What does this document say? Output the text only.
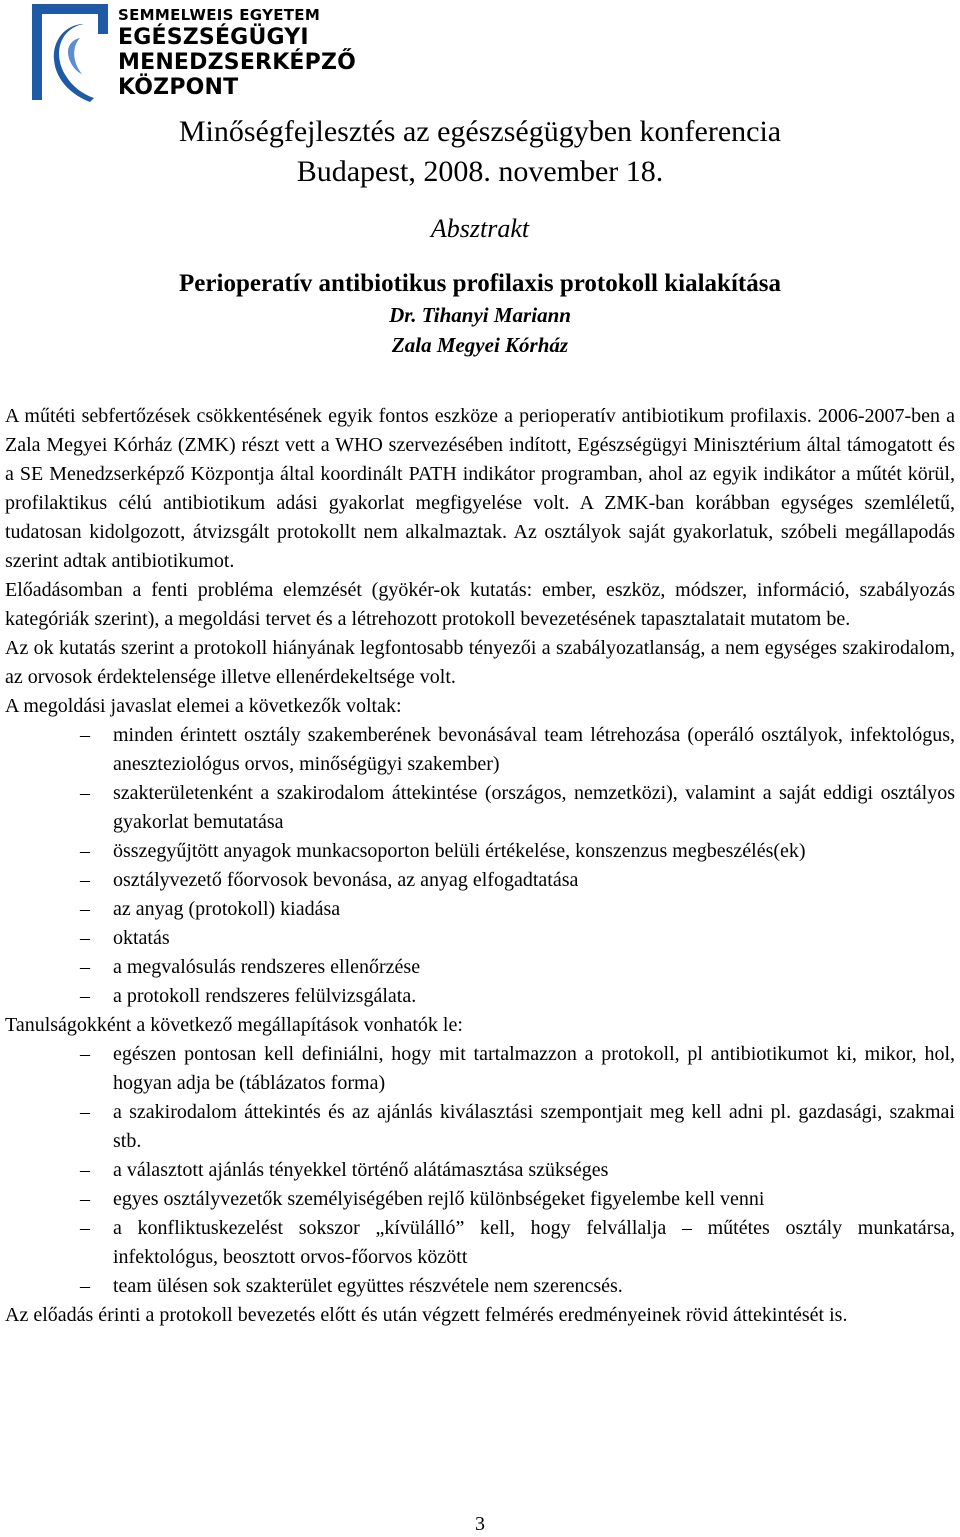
SEMMELWEIS EGYETEM
EGÉSZSÉGÜGYI
MENEDZSERKÉPZŐ
KÖZPONT
Minőségfejlesztés az egészségügyben konferencia
Budapest, 2008. november 18.
Absztrakt
Perioperatív antibiotikus profilaxis protokoll kialakítása
Dr. Tihanyi Mariann
Zala Megyei Kórház

A műtéti sebfertőzések csökkentésének egyik fontos eszköze a perioperatív antibiotikum profilaxis. 2006-2007-ben a Zala Megyei Kórház (ZMK) részt vett a WHO szervezésében indított, Egészségügyi Minisztérium által támogatott és a SE Menedzserképző Központja által koordinált PATH indikátor programban, ahol az egyik indikátor a műtét körül, profilaktikus célú antibiotikum adási gyakorlat megfigyelése volt. A ZMK-ban korábban egységes szemléletű, tudatosan kidolgozott, átvizsgált protokollt nem alkalmaztak. Az osztályok saját gyakorlatuk, szóbeli megállapodás szerint adtak antibiotikumot.

Előadásomban a fenti probléma elemzését (gyökér-ok kutatás: ember, eszköz, módszer, információ, szabályozás kategóriák szerint), a megoldási tervet és a létrehozott protokoll bevezetésének tapasztalatait mutatom be.

Az ok kutatás szerint a protokoll hiányának legfontosabb tényezői a szabályozatlanság, a nem egységes szakirodalom, az orvosok érdektelensége illetve ellenérdekeltsége volt.

A megoldási javaslat elemei a következők voltak:

– minden érintett osztály szakemberének bevonásával team létrehozása (operáló osztályok, infektológus, aneszteziológus orvos, minőségügyi szakember)
– szakterületenként a szakirodalom áttekintése (országos, nemzetközi), valamint a saját eddigi osztályos gyakorlat bemutatása
– összegyűjtött anyagok munkacsoporton belüli értékelése, konszenzus megbeszélés(ek)
– osztályvezető főorvosok bevonása, az anyag elfogadtatása
– az anyag (protokoll) kiadása
– oktatás
– a megvalósulás rendszeres ellenőrzése
– a protokoll rendszeres felülvizsgálata.

Tanulságokként a következő megállapítások vonhatók le:

– egészen pontosan kell definiálni, hogy mit tartalmazzon a protokoll, pl antibiotikumot ki, mikor, hol, hogyan adja be (táblázatos forma)
– a szakirodalom áttekintés és az ajánlás kiválasztási szempontjait meg kell adni pl. gazdasági, szakmai stb.
– a választott ajánlás tényekkel történő alátámasztása szükséges
– egyes osztályvezetők személyiségében rejlő különbségeket figyelembe kell venni
– a konfliktuskezelést sokszor „kívülálló” kell, hogy felvállalja – műtétes osztály munkatársa, infektológus, beosztott orvos-főorvos között
– team ülésen sok szakterület együttes részvétele nem szerencsés.

Az előadás érinti a protokoll bevezetés előtt és után végzett felmérés eredményeinek rövid áttekintését is.

3
